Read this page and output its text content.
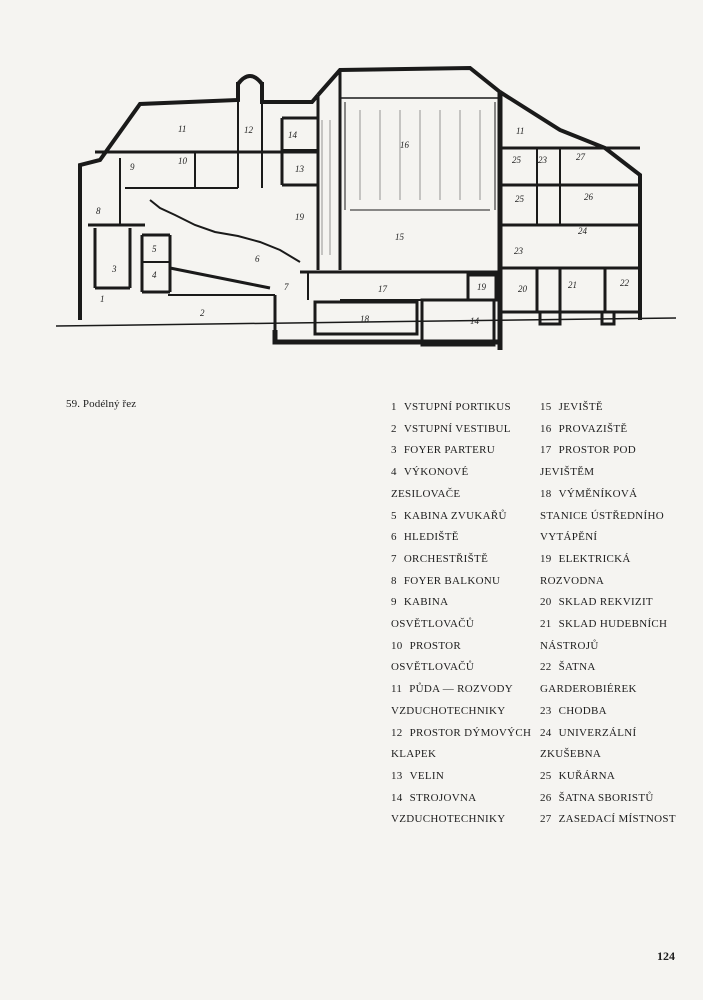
1
2
3
4
5
6
7
8
9
10
11	11
12
13
14
14
15
16
17
18
19
19	20	21	22
23
23
24
25
25	26
27
59. Podélný řez	1 VSTUPNÍ PORTIKUS
2 VSTUPNÍ VESTIBUL
3 FOYER PARTERU
4 VÝKONOVÉ
ZESILOVAČE
5 KABINA ZVUKAŘŮ
6 HLEDIŠTĚ
7 ORCHESTŘIŠTĚ
8 FOYER BALKONU
9 KABINA
OSVĚTLOVAČŮ
10 PROSTOR
OSVĚTLOVAČŮ
11 PŮDA — ROZVODY
VZDUCHOTECHNIKY
12 PROSTOR DÝMOVÝCH
KLAPEK
13 VELIN
14 STROJOVNA
VZDUCHOTECHNIKY
15 JEVIŠTĚ
16 PROVAZIŠTĚ
17 PROSTOR POD
JEVIŠTĚM
18 VÝMĚNÍKOVÁ
STANICE ÚSTŘEDNÍHO
VYTÁPĚNÍ
19 ELEKTRICKÁ
ROZVODNA
20 SKLAD REKVIZIT
21 SKLAD HUDEBNÍCH
NÁSTROJŮ
22 ŠATNA
GARDEROBIÉREK
23 CHODBA
24 UNIVERZÁLNÍ
ZKUŠEBNA
25 KUŘÁRNA
26 ŠATNA SBORISTŮ
27 ZASEDACÍ MÍSTNOST
124
